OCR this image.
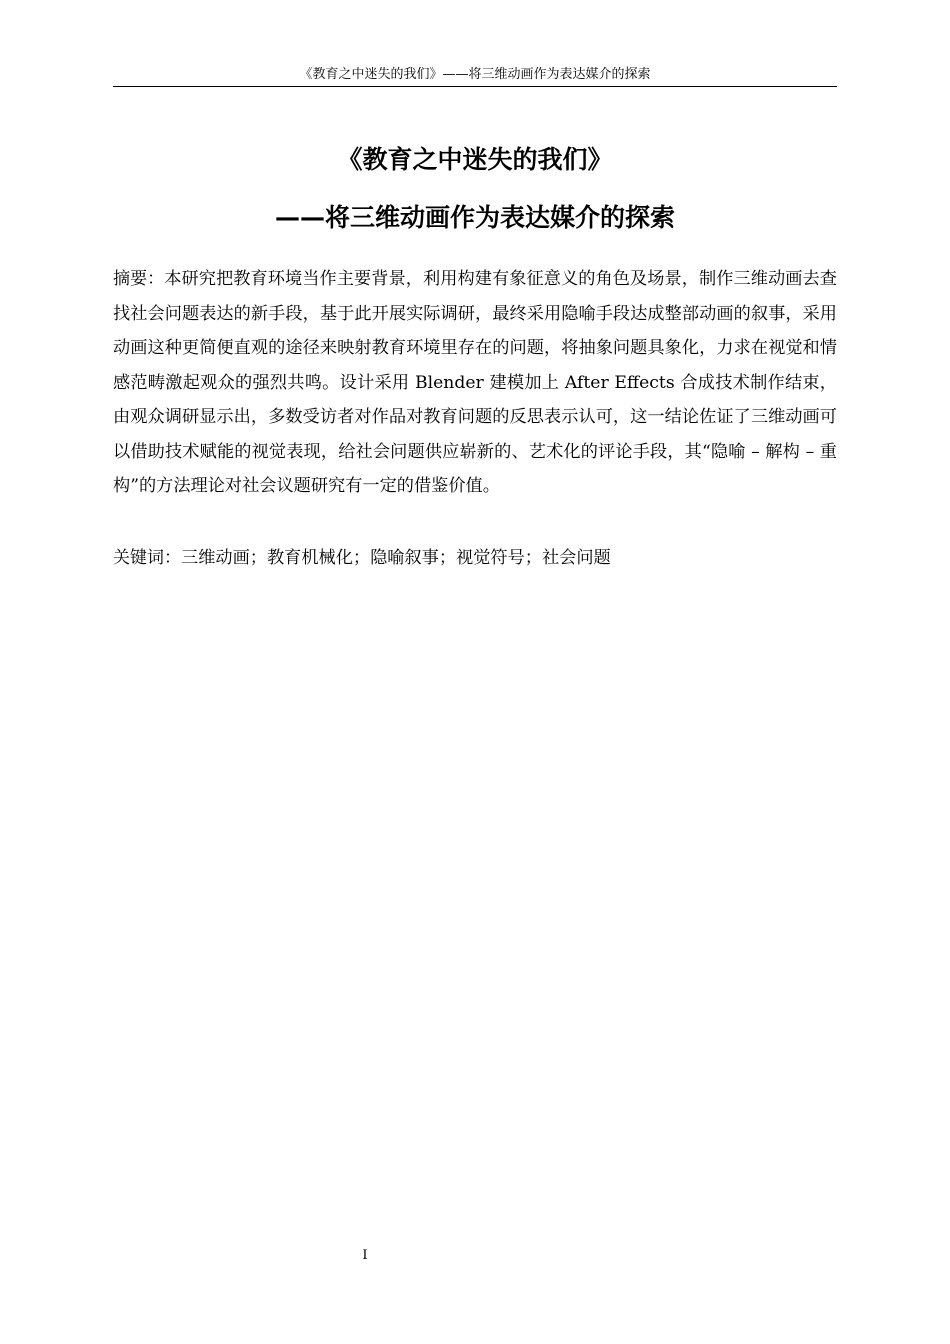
《教育之中迷失的我们》——将三维动画作为表达媒介的探索
《教育之中迷失的我们》
——将三维动画作为表达媒介的探索
摘要：本研究把教育环境当作主要背景，利用构建有象征意义的角色及场景，制作三维动画去查找社会问题表达的新手段，基于此开展实际调研，最终采用隐喻手段达成整部动画的叙事，采用动画这种更简便直观的途径来映射教育环境里存在的问题，将抽象问题具象化，力求在视觉和情感范畴激起观众的强烈共鸣。设计采用 Blender 建模加上 After Effects 合成技术制作结束，由观众调研显示出，多数受访者对作品对教育问题的反思表示认可，这一结论佐证了三维动画可以借助技术赋能的视觉表现，给社会问题供应崭新的、艺术化的评论手段，其“隐喻 – 解构 – 重构”的方法理论对社会议题研究有一定的借鉴价值。
关键词：三维动画；教育机械化；隐喻叙事；视觉符号；社会问题
I
